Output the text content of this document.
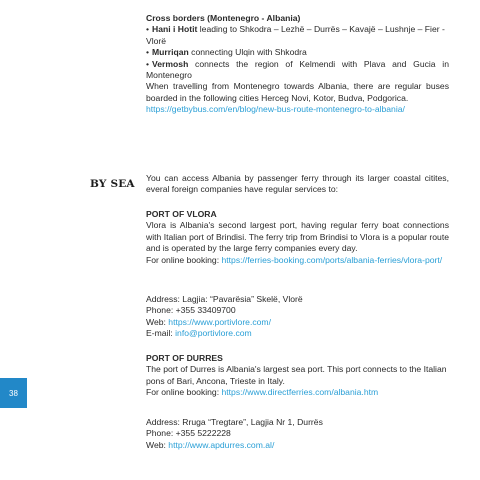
Cross borders (Montenegro - Albania)

• Hani i Hotit leading to Shkodra – Lezhë – Durrës – Kavajë – Lushnje – Fier - Vlorë

• Murriqan connecting Ulqin with Shkodra

• Vermosh connects the region of Kelmendi with Plava and Gucia in Montenegro

When travelling from Montenegro towards Albania, there are regular buses boarded in the following cities Herceg Novi, Kotor, Budva, Podgorica.

https://getbybus.com/en/blog/new-bus-route-montenegro-to-albania/

BY SEA You can access Albania by passenger ferry through its larger coastal citites, everal foreign companies have regular services to:

PORT OF VLORA

Vlora is Albania's second largest port, having regular ferry boat connections with Italian port of Brindisi. The ferry trip from Brindisi to Vlora is a popular route and is operated by the large ferry companies every day.

For online booking: https://ferries-booking.com/ports/albania-ferries/vlora-port/

Address: Lagjia: “Pavarësia” Skelë, Vlorë

Phone: +355 33409700

Web: https://www.portivlore.com/

E-mail: info@portivlore.com

PORT OF DURRES

The port of Durres is Albania's largest sea port. This port connects to the Italian pons of Bari, Ancona, Trieste in Italy.

For online booking: https://www.directferries.com/albania.htm

Address: Rruga “Tregtare”, Lagjia Nr 1, Durrës

Phone: +355 5222228

Web: http://www.apdurres.com.al/

38
